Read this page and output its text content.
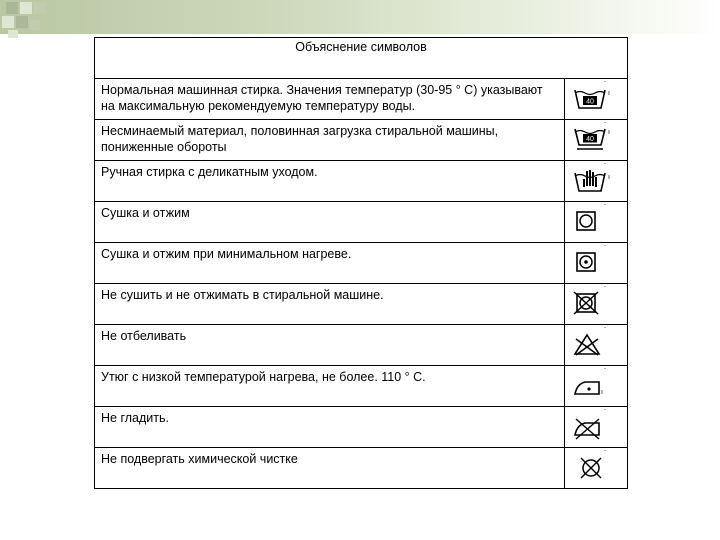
Объяснение символов	
Нормальная машинная стирка. Значения температур (30-95 ° С) указывают на максимальную рекомендуемую температуру воды.	˙
40
ı

Несминаемый материал, половинная загрузка стиральной машины, пониженные обороты	˙
40
ı

Ручная стирка с деликатным уходом.	˙
ı

Сушка и отжим	˙

Сушка и отжим при минимальном нагреве.	˙

Не сушить и не отжимать в стиральной машине.	˙

Не отбеливать	˙

Утюг с низкой температурой нагрева, не более. 110 ° С.	˙
ı

Не гладить.	˙

Не подвергать химической чистке	˙
